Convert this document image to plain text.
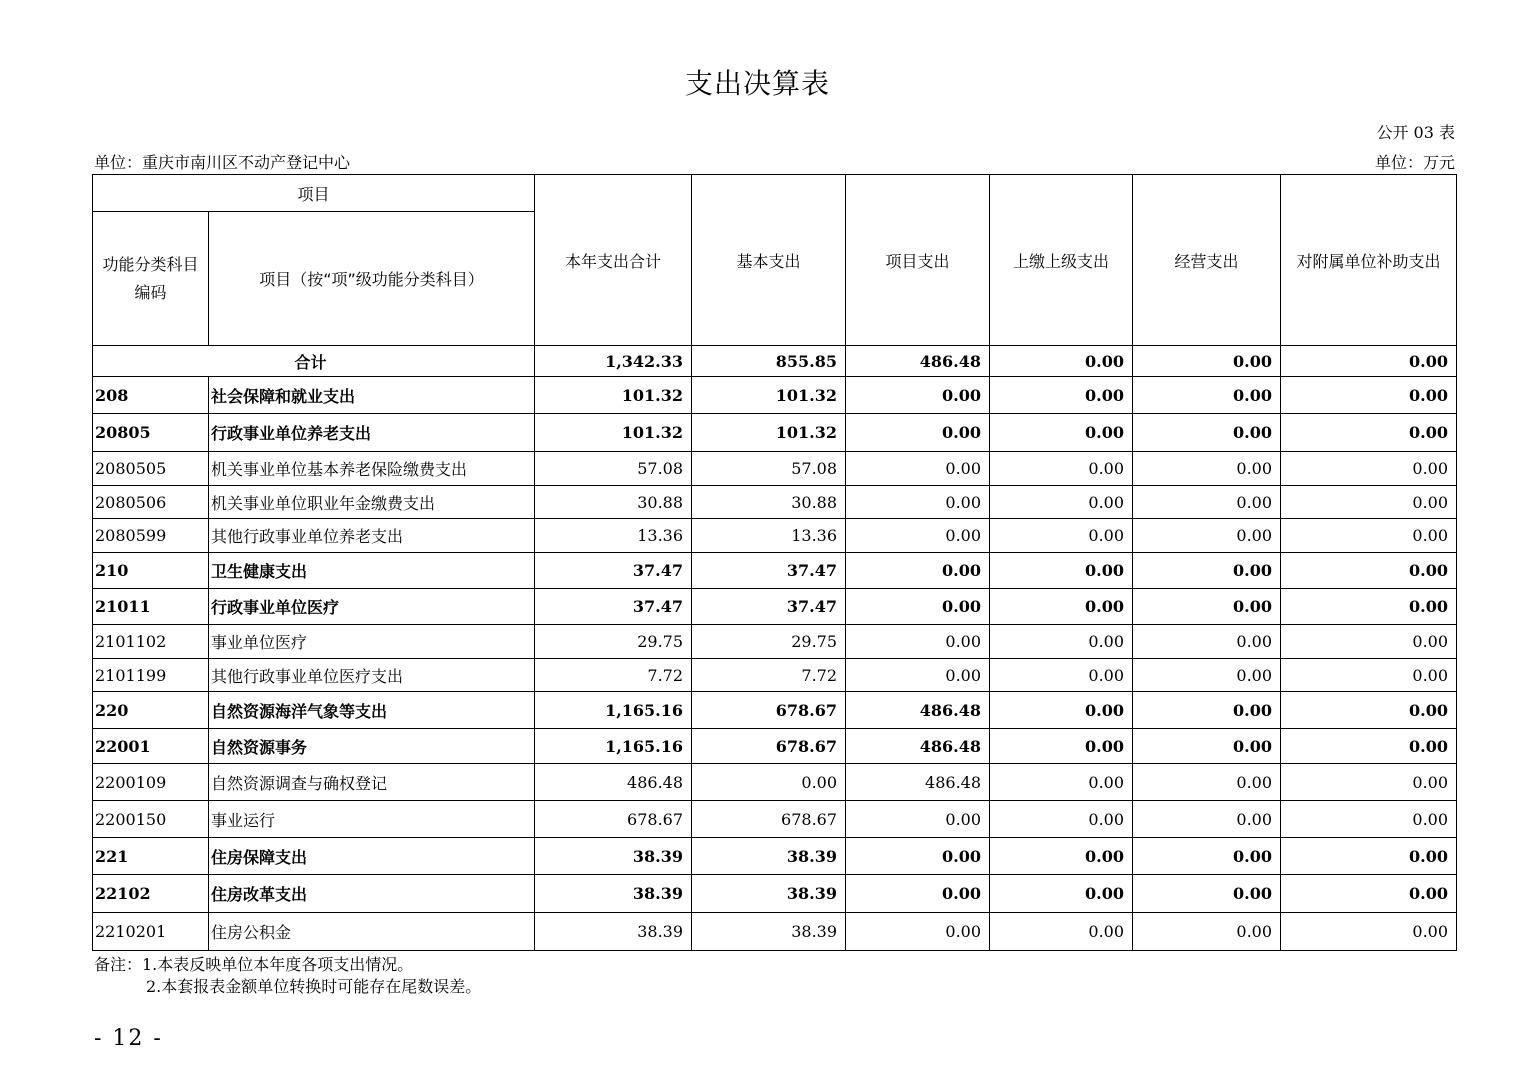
支出决算表
公开 03 表
单位：重庆市南川区不动产登记中心	单位：万元
项目		本年支出合计	基本支出	项目支出	上缴上级支出	经营支出	对附属单位补助支出
功能分类科目编码	项目（按“项”级功能分类科目）						
合计		1,342.33	855.85	486.48	0.00	0.00	0.00
208	社会保障和就业支出	101.32	101.32	0.00	0.00	0.00	0.00
20805	行政事业单位养老支出	101.32	101.32	0.00	0.00	0.00	0.00
2080505	机关事业单位基本养老保险缴费支出	57.08	57.08	0.00	0.00	0.00	0.00
2080506	机关事业单位职业年金缴费支出	30.88	30.88	0.00	0.00	0.00	0.00
2080599	其他行政事业单位养老支出	13.36	13.36	0.00	0.00	0.00	0.00
210	卫生健康支出	37.47	37.47	0.00	0.00	0.00	0.00
21011	行政事业单位医疗	37.47	37.47	0.00	0.00	0.00	0.00
2101102	事业单位医疗	29.75	29.75	0.00	0.00	0.00	0.00
2101199	其他行政事业单位医疗支出	7.72	7.72	0.00	0.00	0.00	0.00
220	自然资源海洋气象等支出	1,165.16	678.67	486.48	0.00	0.00	0.00
22001	自然资源事务	1,165.16	678.67	486.48	0.00	0.00	0.00
2200109	自然资源调查与确权登记	486.48	0.00	486.48	0.00	0.00	0.00
2200150	事业运行	678.67	678.67	0.00	0.00	0.00	0.00
221	住房保障支出	38.39	38.39	0.00	0.00	0.00	0.00
22102	住房改革支出	38.39	38.39	0.00	0.00	0.00	0.00
2210201	住房公积金	38.39	38.39	0.00	0.00	0.00	0.00
备注：1.本表反映单位本年度各项支出情况。
2.本套报表金额单位转换时可能存在尾数误差。
- 12 -
